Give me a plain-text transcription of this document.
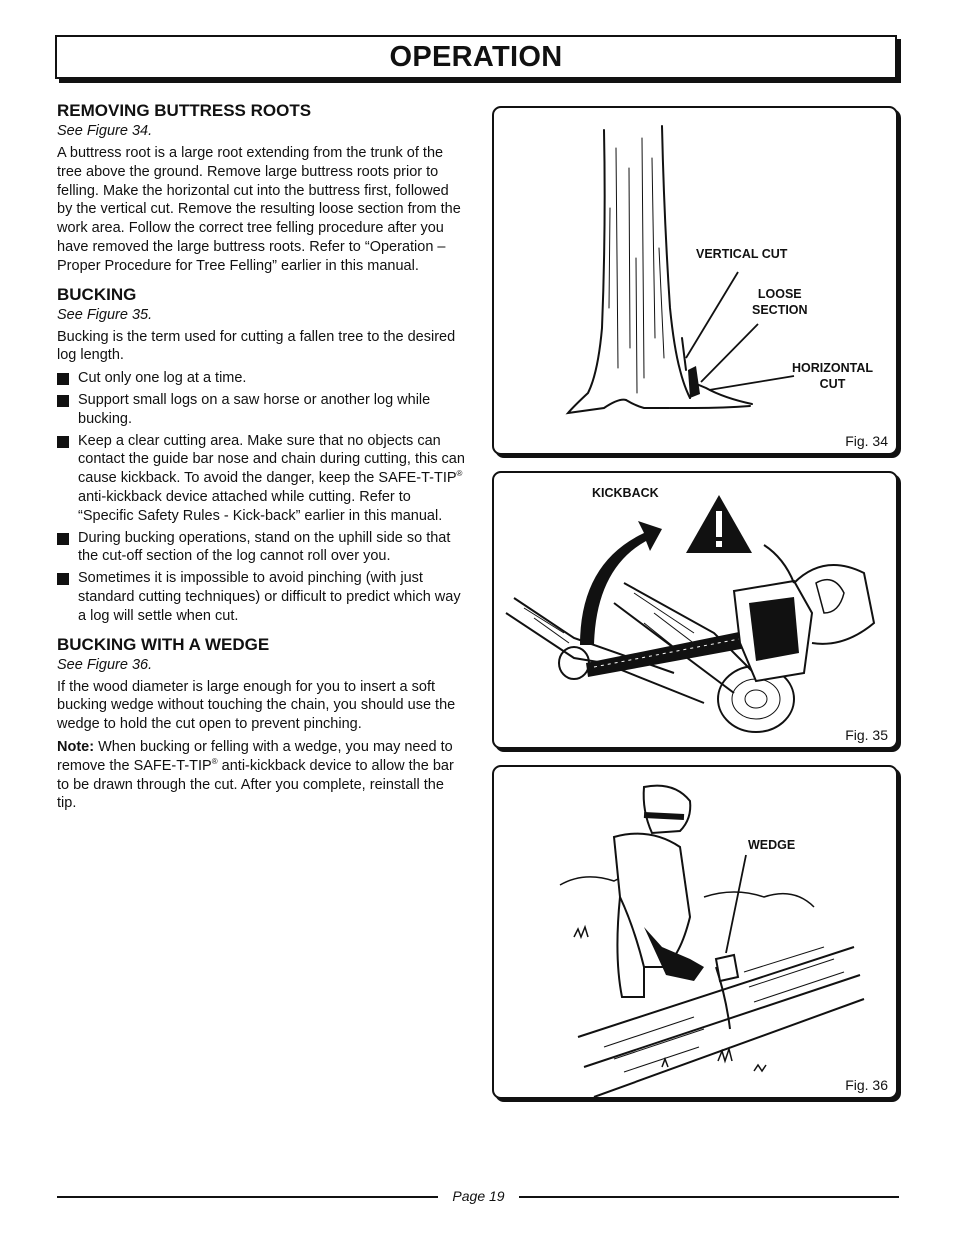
OPERATION
REMOVING BUTTRESS ROOTS
See Figure 34.

A buttress root is a large root extending from the trunk of the tree above the ground. Remove large buttress roots prior to felling. Make the horizontal cut into the buttress first, followed by the vertical cut. Remove the resulting loose section from the work area. Follow the correct tree felling procedure after you have removed the large buttress roots. Refer to “Operation – Proper Procedure for Tree Felling” earlier in this manual.

BUCKING
See Figure 35.

Bucking is the term used for cutting a fallen tree to the desired log length.

Cut only one log at a time.
Support small logs on a saw horse or another log while bucking.
Keep a clear cutting area. Make sure that no objects can contact the guide bar nose and chain during cutting, this can cause kickback. To avoid the danger, keep the SAFE-T-TIP® anti-kickback device attached while cutting. Refer to “Specific Safety Rules - Kick-back” earlier in this manual.
During bucking operations, stand on the uphill side so that the cut-off section of the log cannot roll over you.
Sometimes it is impossible to avoid pinching (with just standard cutting techniques) or difficult to predict which way a log will settle when cut.
BUCKING WITH A WEDGE
See Figure 36.

If the wood diameter is large enough for you to insert a soft bucking wedge without touching the chain, you should use the wedge to hold the cut open to prevent pinching.

Note: When bucking or felling with a wedge, you may need to remove the SAFE-T-TIP® anti-kickback device to allow the bar to be drawn through the cut. After you complete, reinstall the tip.

VERTICAL CUT
LOOSE
SECTION
HORIZONTAL
CUT
Fig. 34
KICKBACK
Fig. 35
WEDGE
Fig. 36
Page 19
